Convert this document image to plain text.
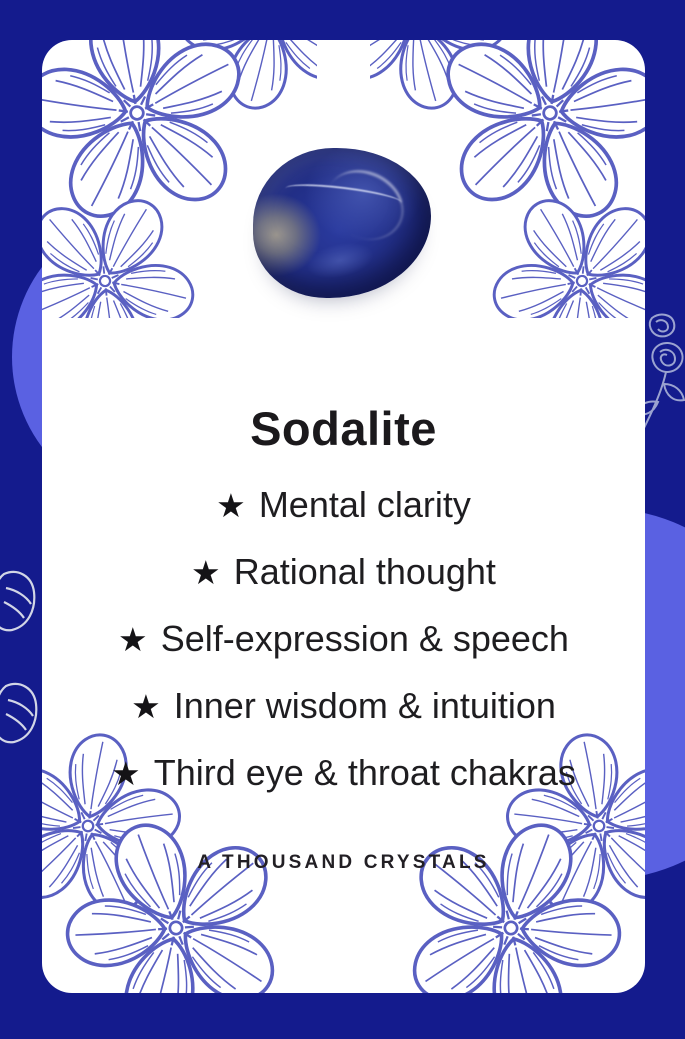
Sodalite
★ Mental clarity
★ Rational thought
★ Self-expression & speech
★ Inner wisdom & intuition
★ Third eye & throat chakras
A THOUSAND CRYSTALS
